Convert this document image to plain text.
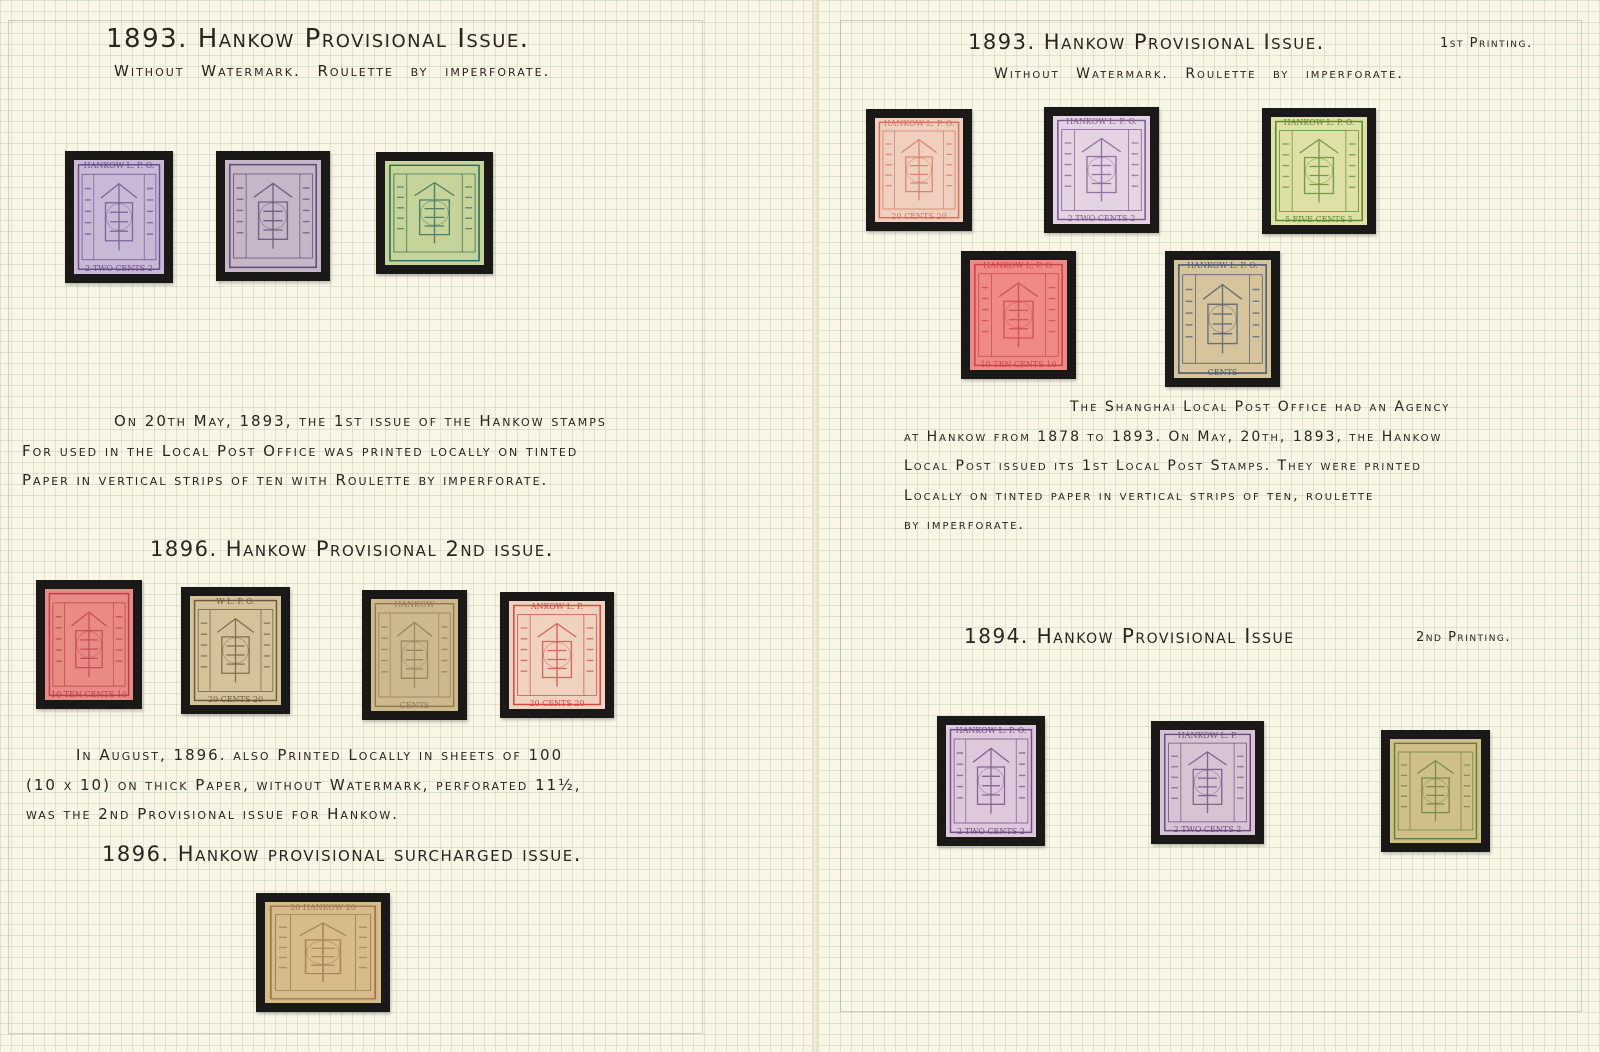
1893. Hankow Provisional Issue.
Without Watermark. Roulette by imperforate.
HANKOW L. P. O.
2 TWO CENTS 2
On 20th May, 1893, the 1st issue of the Hankow stamps
For used in the Local Post Office was printed locally on tinted
Paper in vertical strips of ten with Roulette by imperforate.
1896. Hankow Provisional 2nd issue.
10 TEN CENTS 10
W L. P. O.
20 CENTS 20
HANKOW
CENTS
ANKOW L. P.
20 CENTS 20
In August, 1896. also Printed Locally in sheets of 100
(10 x 10) on thick Paper, without Watermark, perforated 11½,
was the 2nd Provisional issue for Hankow.
1896. Hankow provisional surcharged issue.
20 HANKOW 20
1893. Hankow Provisional Issue.	1st Printing.
Without Watermark. Roulette by imperforate.
HANKOW L. P. O.
20 CENTS 20
HANKOW L. P. O.
2 TWO CENTS 2
HANKOW L. P. O.
5 FIVE CENTS 5
HANKOW L. P. O.
10 TEN CENTS 10
HANKOW L. P. O.
CENTS
The Shanghai Local Post Office had an Agency
at Hankow from 1878 to 1893. On May, 20th, 1893, the Hankow
Local Post issued its 1st Local Post Stamps. They were printed
Locally on tinted paper in vertical strips of ten, roulette
by imperforate.
1894. Hankow Provisional Issue	2nd Printing.
HANKOW L. P. O.
2 TWO CENTS 2
HANKOW L. P.
2 TWO CENTS 2
